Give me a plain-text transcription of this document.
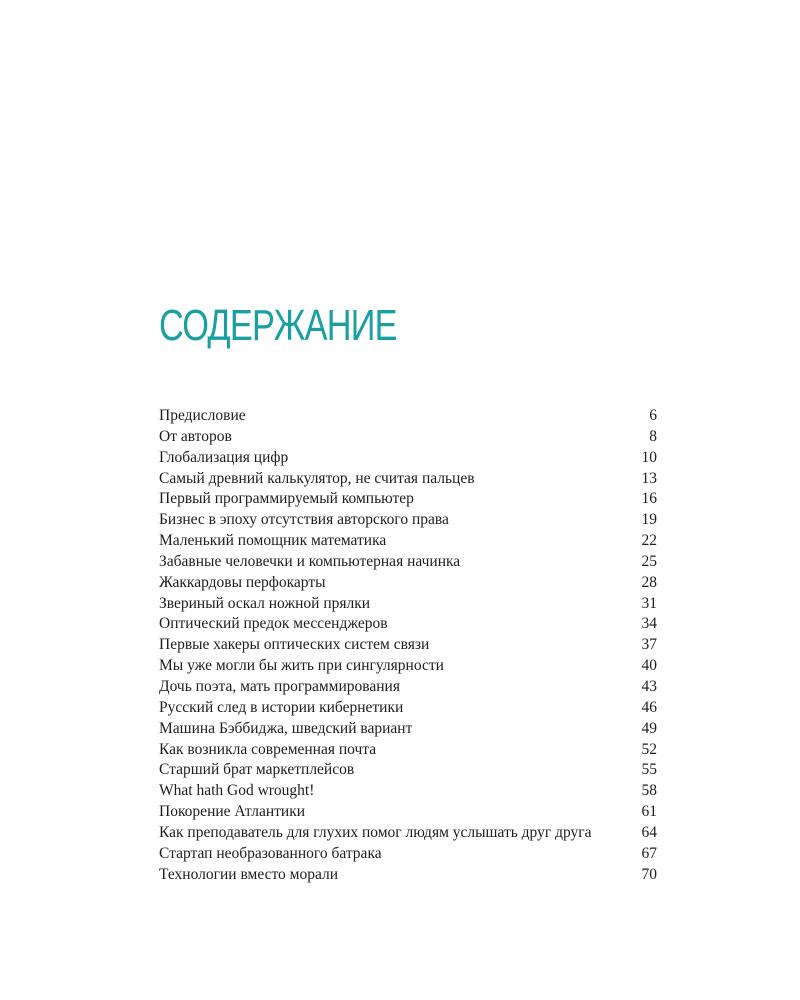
СОДЕРЖАНИЕ
Предисловие	6
От авторов	8
Глобализация цифр	10
Самый древний калькулятор, не считая пальцев	13
Первый программируемый компьютер	16
Бизнес в эпоху отсутствия авторского права	19
Маленький помощник математика	22
Забавные человечки и компьютерная начинка	25
Жаккардовы перфокарты	28
Звериный оскал ножной прялки	31
Оптический предок мессенджеров	34
Первые хакеры оптических систем связи	37
Мы уже могли бы жить при сингулярности	40
Дочь поэта, мать программирования	43
Русский след в истории кибернетики	46
Машина Бэббиджа, шведский вариант	49
Как возникла современная почта	52
Старший брат маркетплейсов	55
What hath God wrought!	58
Покорение Атлантики	61
Как преподаватель для глухих помог людям услышать друг друга	64
Стартап необразованного батрака	67
Технологии вместо морали	70
